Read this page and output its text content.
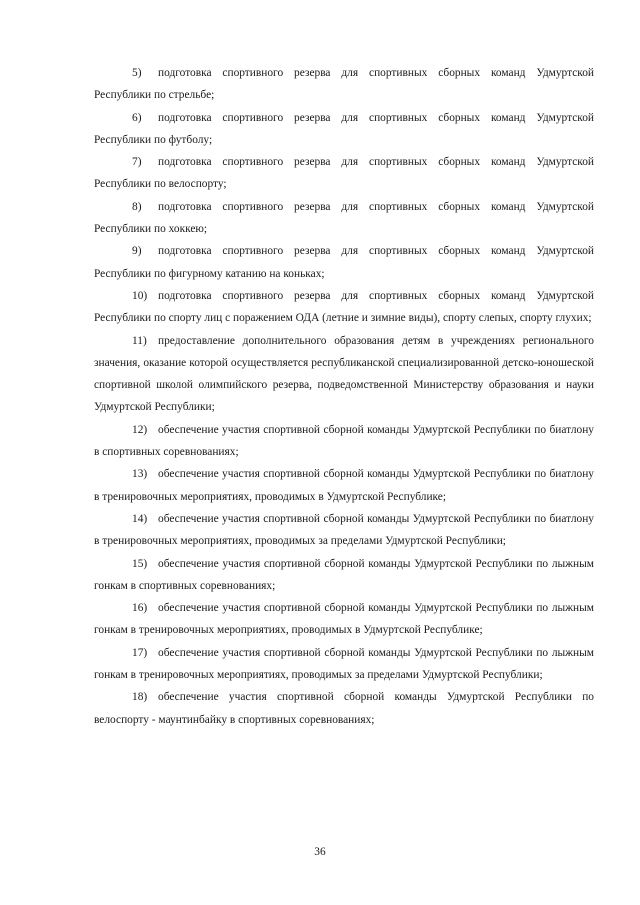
5) подготовка спортивного резерва для спортивных сборных команд Удмуртской Республики по стрельбе;

6) подготовка спортивного резерва для спортивных сборных команд Удмуртской Республики по футболу;

7) подготовка спортивного резерва для спортивных сборных команд Удмуртской Республики по велоспорту;

8) подготовка спортивного резерва для спортивных сборных команд Удмуртской Республики по хоккею;

9) подготовка спортивного резерва для спортивных сборных команд Удмуртской Республики по фигурному катанию на коньках;

10) подготовка спортивного резерва для спортивных сборных команд Удмуртской Республики по спорту лиц с поражением ОДА (летние и зимние виды), спорту слепых, спорту глухих;

11) предоставление дополнительного образования детям в учреждениях регионального значения, оказание которой осуществляется республиканской специализированной детско-юношеской спортивной школой олимпийского резерва, подведомственной Министерству образования и науки Удмуртской Республики;

12) обеспечение участия спортивной сборной команды Удмуртской Республики по биатлону в спортивных соревнованиях;

13) обеспечение участия спортивной сборной команды Удмуртской Республики по биатлону в тренировочных мероприятиях, проводимых в Удмуртской Республике;

14) обеспечение участия спортивной сборной команды Удмуртской Республики по биатлону в тренировочных мероприятиях, проводимых за пределами Удмуртской Республики;

15) обеспечение участия спортивной сборной команды Удмуртской Республики по лыжным гонкам в спортивных соревнованиях;

16) обеспечение участия спортивной сборной команды Удмуртской Республики по лыжным гонкам в тренировочных мероприятиях, проводимых в Удмуртской Республике;

17) обеспечение участия спортивной сборной команды Удмуртской Республики по лыжным гонкам в тренировочных мероприятиях, проводимых за пределами Удмуртской Республики;

18) обеспечение участия спортивной сборной команды Удмуртской Республики по велоспорту - маунтинбайку в спортивных соревнованиях;

36
